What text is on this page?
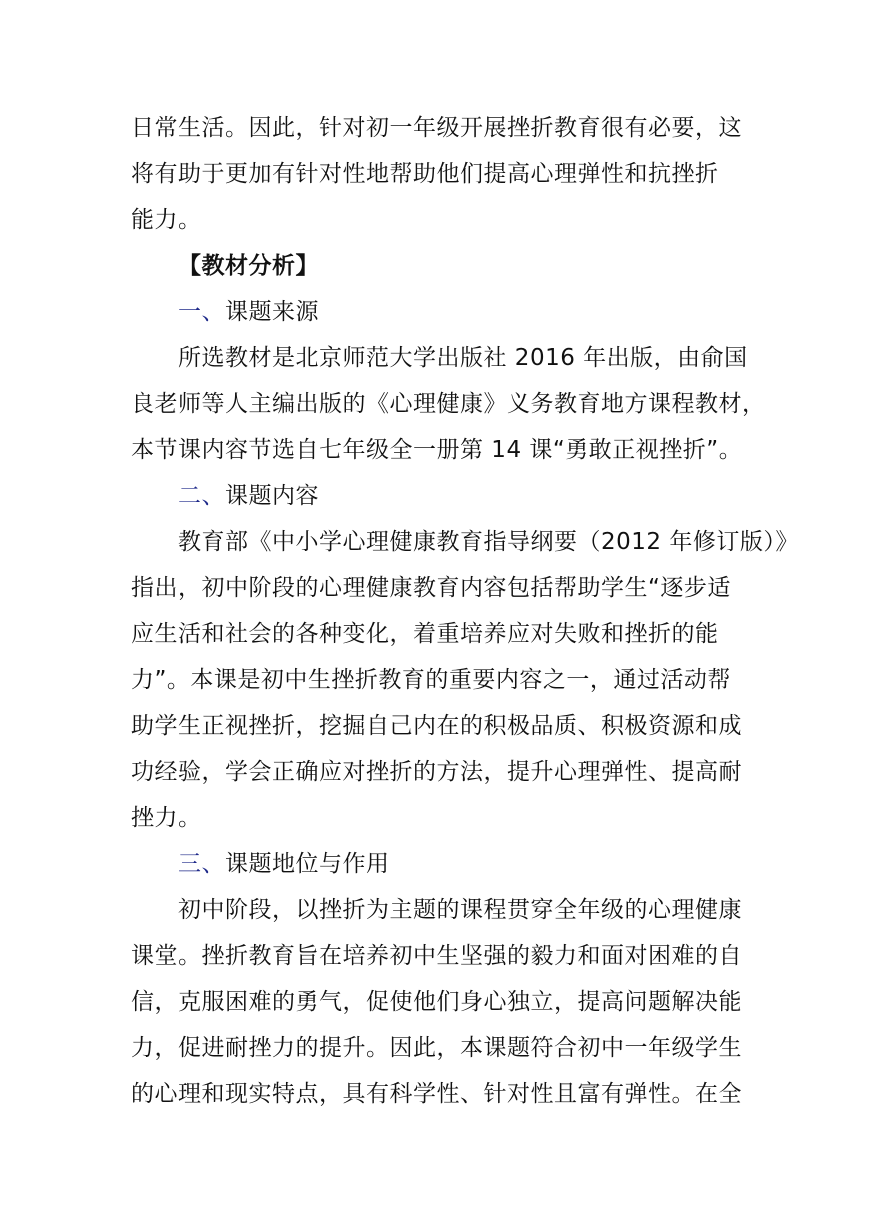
日常生活。因此，针对初一年级开展挫折教育很有必要，这
将有助于更加有针对性地帮助他们提高心理弹性和抗挫折
能力。
【教材分析】
一、课题来源
所选教材是北京师范大学出版社 2016 年出版，由俞国
良老师等人主编出版的《心理健康》义务教育地方课程教材，
本节课内容节选自七年级全一册第 14 课“勇敢正视挫折”。
二、课题内容
教育部《中小学心理健康教育指导纲要（2012 年修订版）》
指出，初中阶段的心理健康教育内容包括帮助学生“逐步适
应生活和社会的各种变化，着重培养应对失败和挫折的能
力”。本课是初中生挫折教育的重要内容之一，通过活动帮
助学生正视挫折，挖掘自己内在的积极品质、积极资源和成
功经验，学会正确应对挫折的方法，提升心理弹性、提高耐
挫力。
三、课题地位与作用
初中阶段，以挫折为主题的课程贯穿全年级的心理健康
课堂。挫折教育旨在培养初中生坚强的毅力和面对困难的自
信，克服困难的勇气，促使他们身心独立，提高问题解决能
力，促进耐挫力的提升。因此，本课题符合初中一年级学生
的心理和现实特点，具有科学性、针对性且富有弹性。在全
